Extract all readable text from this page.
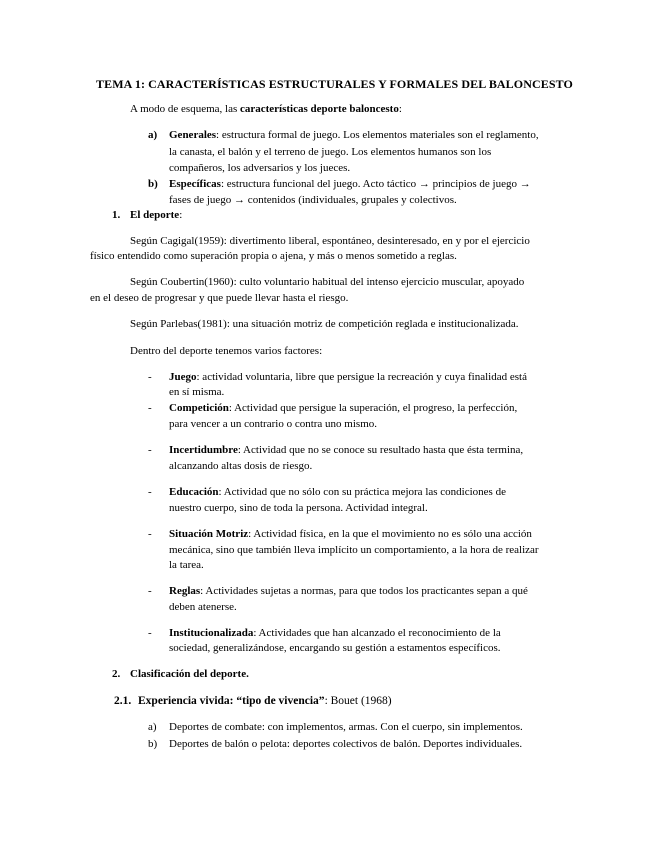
TEMA 1: CARACTERÍSTICAS ESTRUCTURALES Y FORMALES DEL BALONCESTO
A modo de esquema, las características deporte baloncesto:
a) Generales: estructura formal de juego. Los elementos materiales son el reglamento,
la canasta, el balón y el terreno de juego. Los elementos humanos son los
compañeros, los adversarios y los jueces.
b) Específicas: estructura funcional del juego. Acto táctico → principios de juego →
fases de juego → contenidos (individuales, grupales y colectivos.
1. El deporte:
Según Cagigal(1959): divertimento liberal, espontáneo, desinteresado, en y por el ejercicio
físico entendido como superación propia o ajena, y más o menos sometido a reglas.
Según Coubertin(1960): culto voluntario habitual del intenso ejercicio muscular, apoyado
en el deseo de progresar y que puede llevar hasta el riesgo.
Según Parlebas(1981): una situación motriz de competición reglada e institucionalizada.
Dentro del deporte tenemos varios factores:
- Juego: actividad voluntaria, libre que persigue la recreación y cuya finalidad está
en sí misma.
- Competición: Actividad que persigue la superación, el progreso, la perfección,
para vencer a un contrario o contra uno mismo.
- Incertidumbre: Actividad que no se conoce su resultado hasta que ésta termina,
alcanzando altas dosis de riesgo.
- Educación: Actividad que no sólo con su práctica mejora las condiciones de
nuestro cuerpo, sino de toda la persona. Actividad integral.
- Situación Motriz: Actividad física, en la que el movimiento no es sólo una acción
mecánica, sino que también lleva implícito un comportamiento, a la hora de realizar
la tarea.
- Reglas: Actividades sujetas a normas, para que todos los practicantes sepan a qué
deben atenerse.
- Institucionalizada: Actividades que han alcanzado el reconocimiento de la
sociedad, generalizándose, encargando su gestión a estamentos específicos.
2. Clasificación del deporte.
2.1. Experiencia vivida: “tipo de vivencia”: Bouet (1968)
a) Deportes de combate: con implementos, armas. Con el cuerpo, sin implementos.
b) Deportes de balón o pelota: deportes colectivos de balón. Deportes individuales.
